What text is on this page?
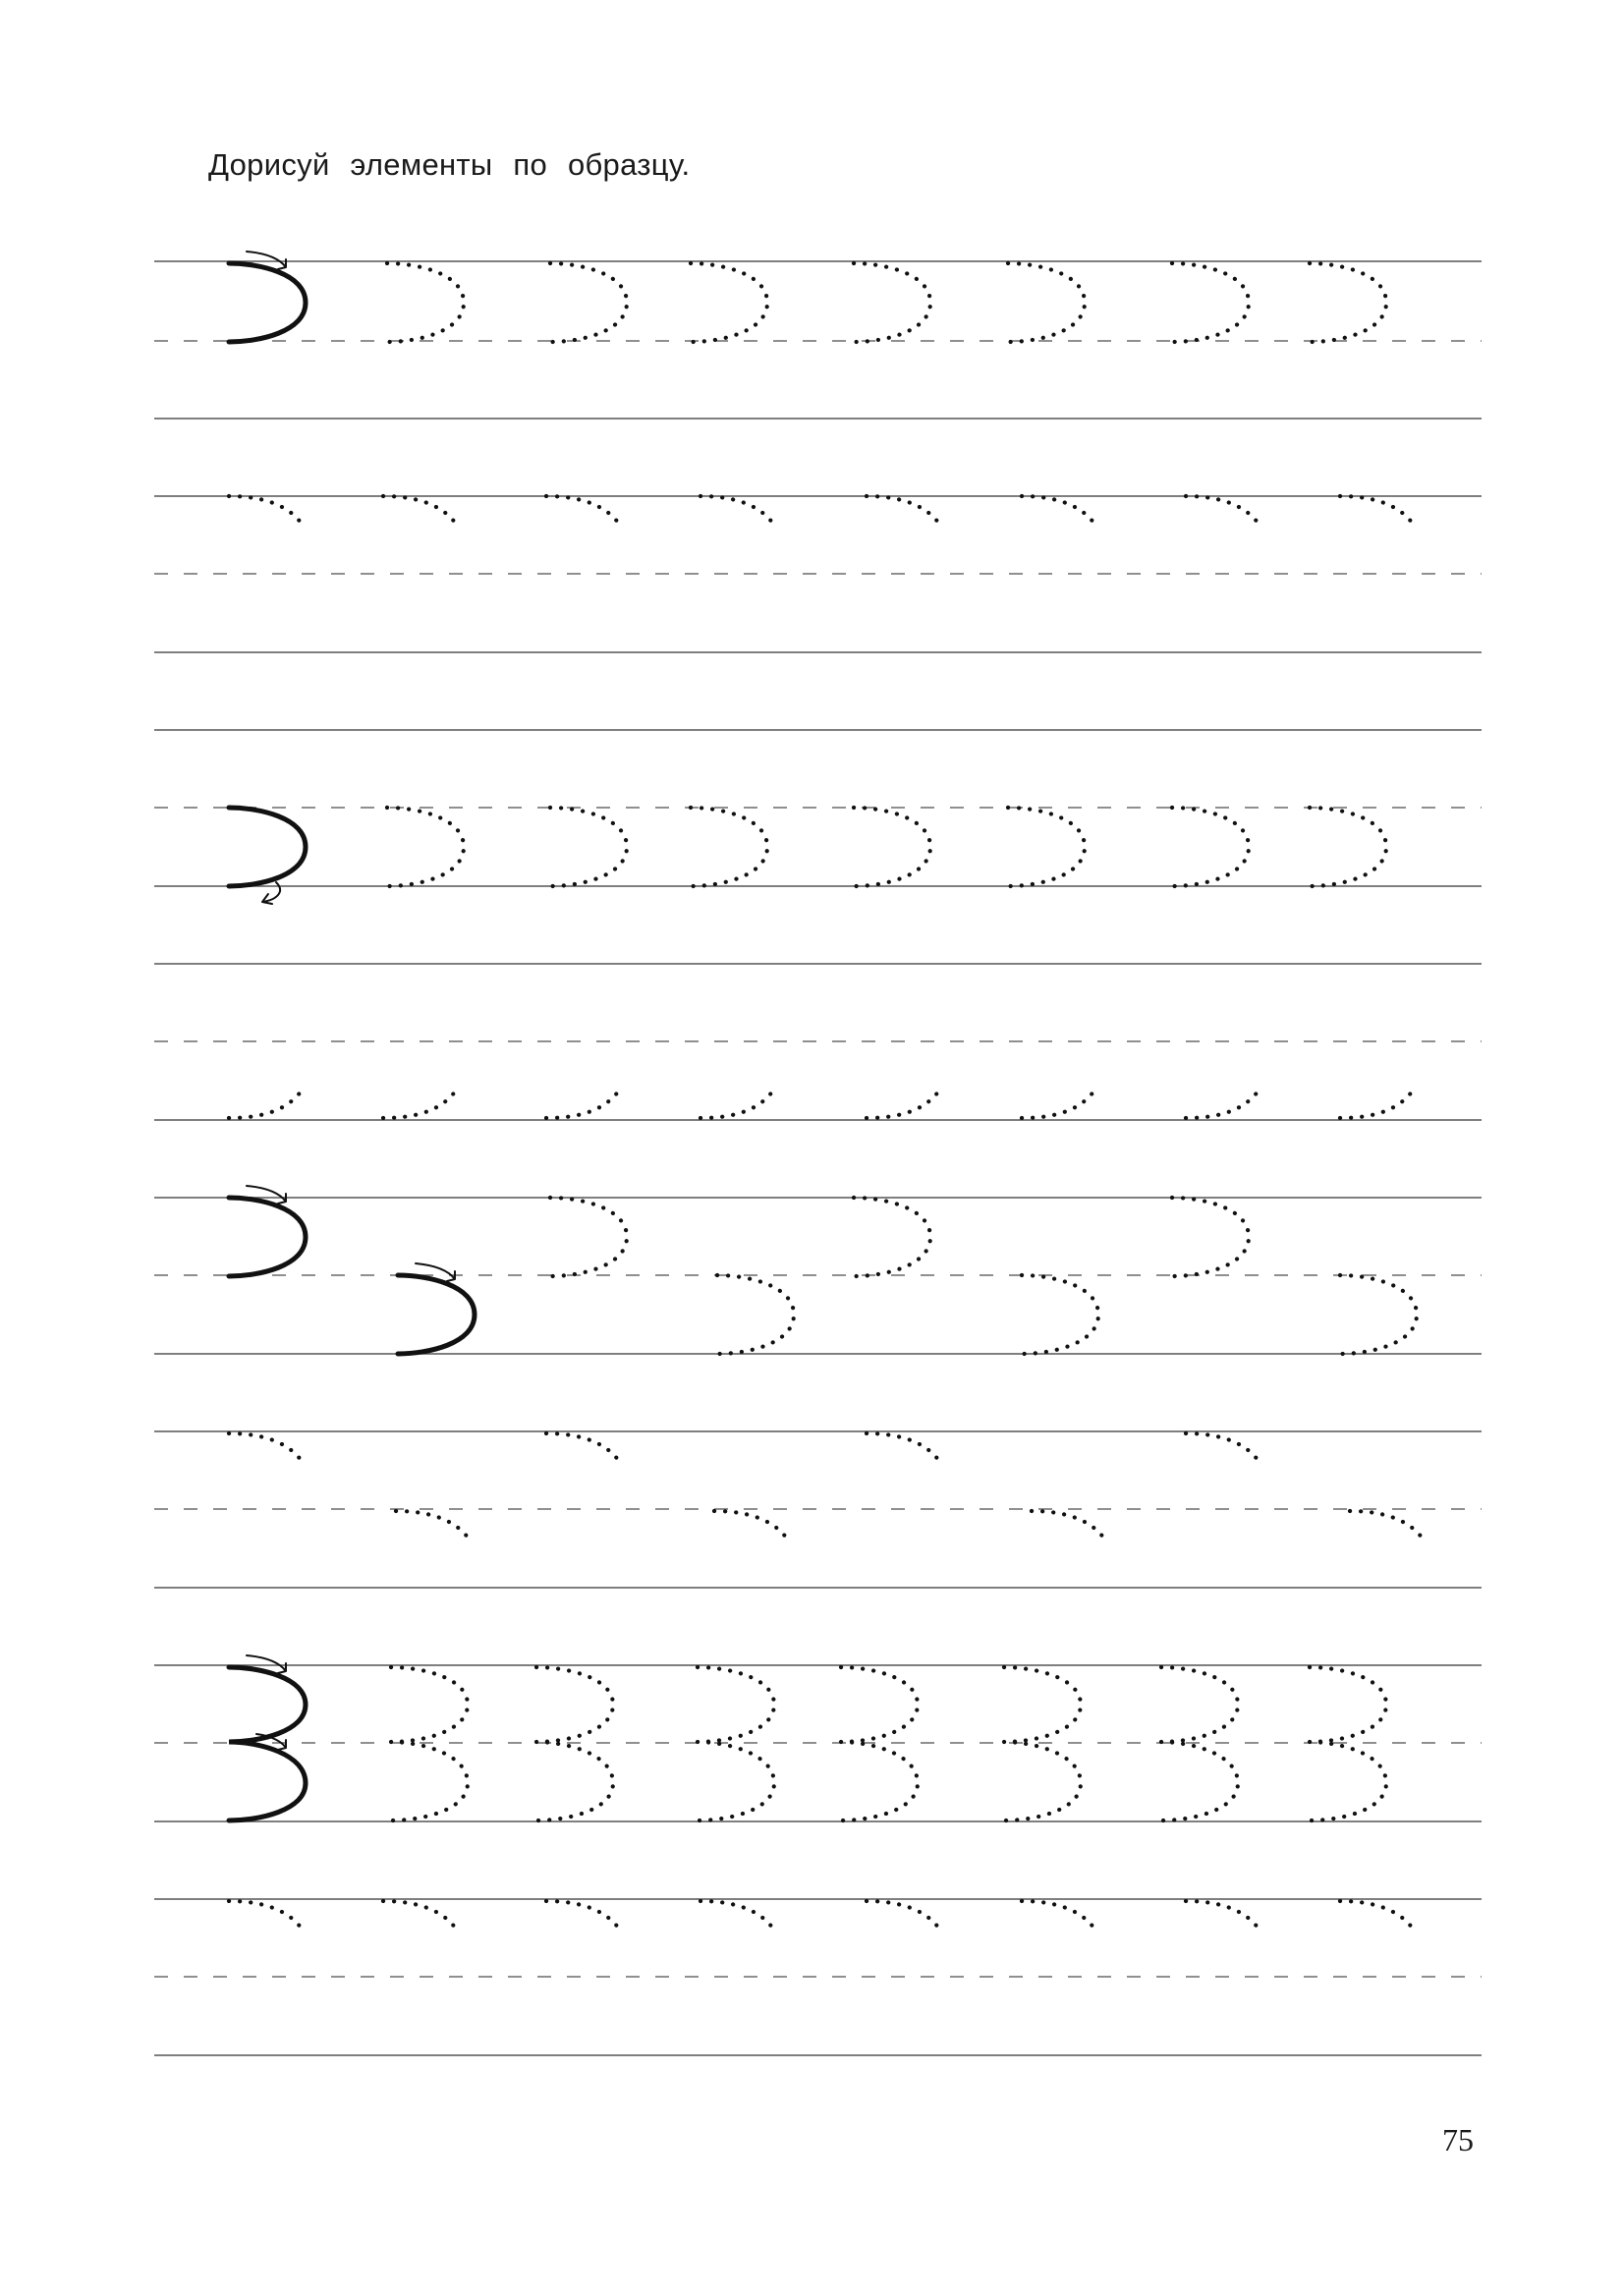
Дорисуй элементы по образцу.
75
